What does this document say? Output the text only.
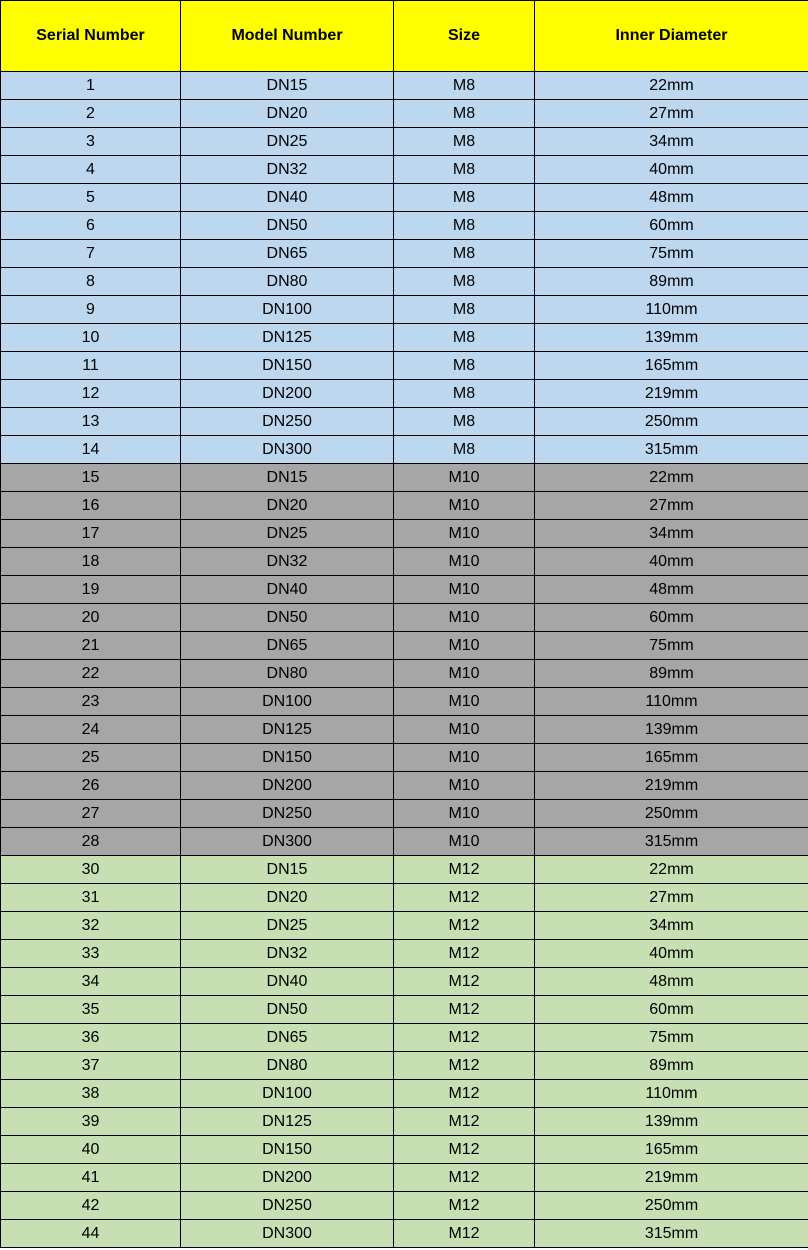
Serial Number	Model Number	Size	Inner Diameter
1	DN15	M8	22mm
2	DN20	M8	27mm
3	DN25	M8	34mm
4	DN32	M8	40mm
5	DN40	M8	48mm
6	DN50	M8	60mm
7	DN65	M8	75mm
8	DN80	M8	89mm
9	DN100	M8	110mm
10	DN125	M8	139mm
11	DN150	M8	165mm
12	DN200	M8	219mm
13	DN250	M8	250mm
14	DN300	M8	315mm
15	DN15	M10	22mm
16	DN20	M10	27mm
17	DN25	M10	34mm
18	DN32	M10	40mm
19	DN40	M10	48mm
20	DN50	M10	60mm
21	DN65	M10	75mm
22	DN80	M10	89mm
23	DN100	M10	110mm
24	DN125	M10	139mm
25	DN150	M10	165mm
26	DN200	M10	219mm
27	DN250	M10	250mm
28	DN300	M10	315mm
30	DN15	M12	22mm
31	DN20	M12	27mm
32	DN25	M12	34mm
33	DN32	M12	40mm
34	DN40	M12	48mm
35	DN50	M12	60mm
36	DN65	M12	75mm
37	DN80	M12	89mm
38	DN100	M12	110mm
39	DN125	M12	139mm
40	DN150	M12	165mm
41	DN200	M12	219mm
42	DN250	M12	250mm
44	DN300	M12	315mm
